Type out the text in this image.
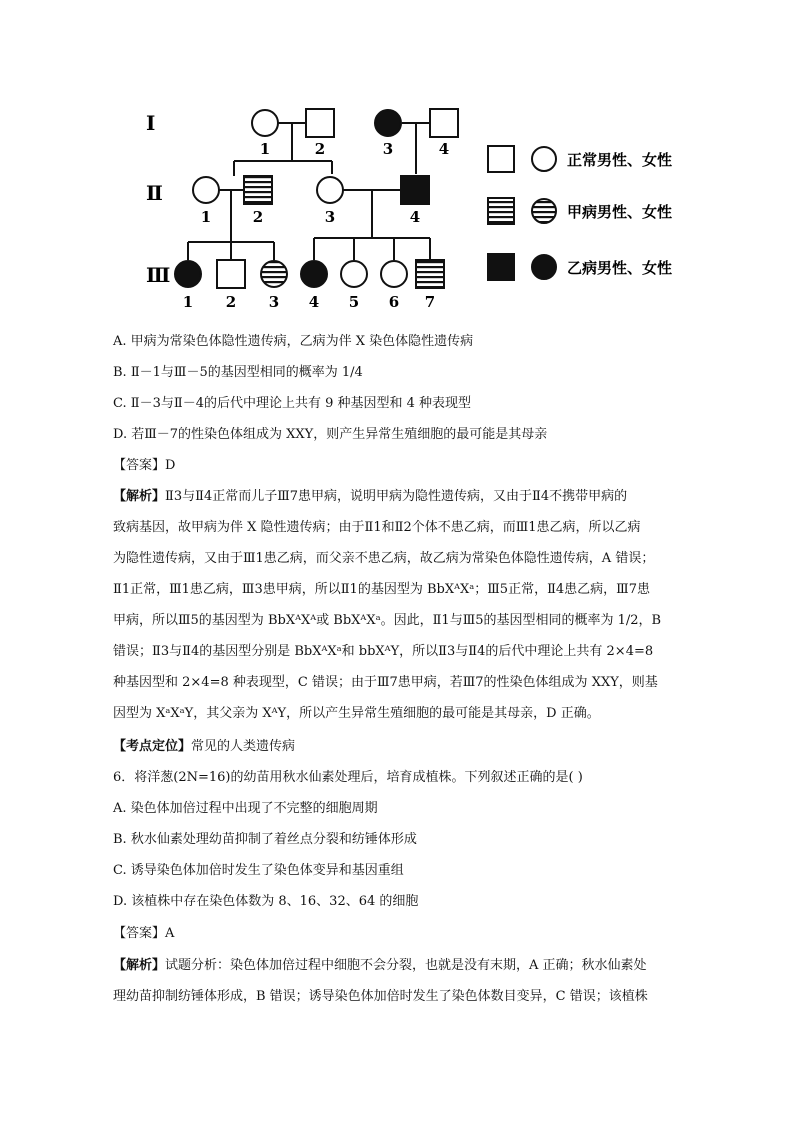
I
Ⅱ
Ⅲ
1	2	3	4
1	2	3	4
1 2 3 4 5 6 7
正常男性、女性
甲病男性、女性
乙病男性、女性
A. 甲病为常染色体隐性遗传病，乙病为伴 X 染色体隐性遗传病
B. Ⅱ－1与Ⅲ－5的基因型相同的概率为 1/4
C. Ⅱ－3与Ⅱ－4的后代中理论上共有 9 种基因型和 4 种表现型
D. 若Ⅲ－7的性染色体组成为 XXY，则产生异常生殖细胞的最可能是其母亲
【答案】D
【解析】Ⅱ3与Ⅱ4正常而儿子Ⅲ7患甲病，说明甲病为隐性遗传病，又由于Ⅱ4不携带甲病的
致病基因，故甲病为伴 X 隐性遗传病；由于Ⅱ1和Ⅱ2个体不患乙病，而Ⅲ1患乙病，所以乙病
为隐性遗传病，又由于Ⅲ1患乙病，而父亲不患乙病，故乙病为常染色体隐性遗传病，A 错误；
Ⅱ1正常，Ⅲ1患乙病，Ⅲ3患甲病，所以Ⅱ1的基因型为 BbXᴬXᵃ；Ⅲ5正常，Ⅱ4患乙病，Ⅲ7患
甲病，所以Ⅲ5的基因型为 BbXᴬXᴬ或 BbXᴬXᵃ。因此，Ⅱ1与Ⅲ5的基因型相同的概率为 1/2，B
错误；Ⅱ3与Ⅱ4的基因型分别是 BbXᴬXᵃ和 bbXᴬY，所以Ⅱ3与Ⅱ4的后代中理论上共有 2×4=8
种基因型和 2×4=8 种表现型，C 错误；由于Ⅲ7患甲病，若Ⅲ7的性染色体组成为 XXY，则基
因型为 XᵃXᵃY，其父亲为 XᴬY，所以产生异常生殖细胞的最可能是其母亲，D 正确。
【考点定位】常见的人类遗传病
6．将洋葱(2N=16)的幼苗用秋水仙素处理后，培育成植株。下列叙述正确的是( )
A. 染色体加倍过程中出现了不完整的细胞周期
B. 秋水仙素处理幼苗抑制了着丝点分裂和纺锤体形成
C. 诱导染色体加倍时发生了染色体变异和基因重组
D. 该植株中存在染色体数为 8、16、32、64 的细胞
【答案】A
【解析】试题分析：染色体加倍过程中细胞不会分裂，也就是没有末期，A 正确；秋水仙素处
理幼苗抑制纺锤体形成，B 错误；诱导染色体加倍时发生了染色体数目变异，C 错误；该植株
